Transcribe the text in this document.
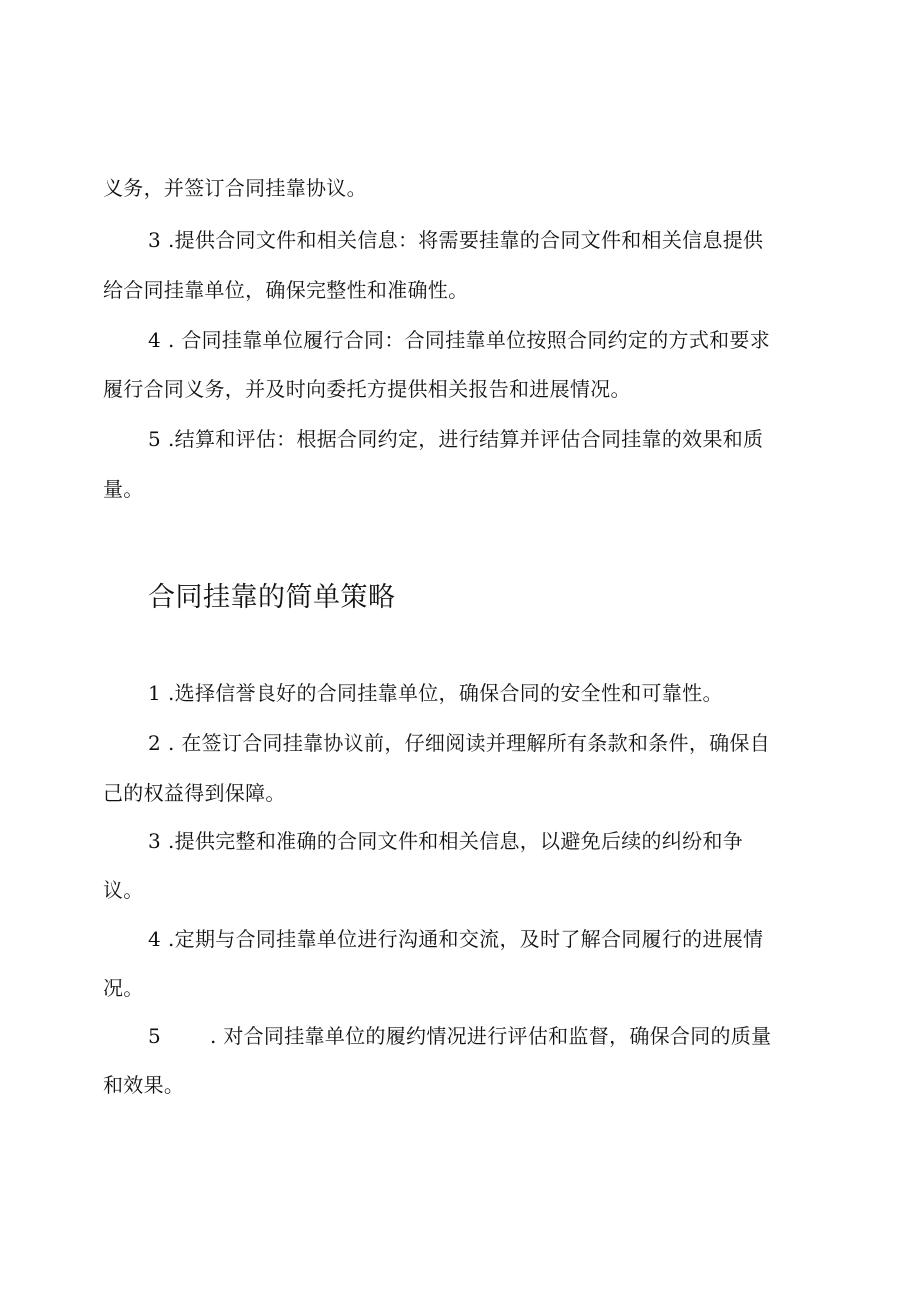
义务，并签订合同挂靠协议。
3 .提供合同文件和相关信息：将需要挂靠的合同文件和相关信息提供
给合同挂靠单位，确保完整性和准确性。
4 . 合同挂靠单位履行合同：合同挂靠单位按照合同约定的方式和要求
履行合同义务，并及时向委托方提供相关报告和进展情况。
5 .结算和评估：根据合同约定，进行结算并评估合同挂靠的效果和质
量。
合同挂靠的简单策略
1 .选择信誉良好的合同挂靠单位，确保合同的安全性和可靠性。
2 . 在签订合同挂靠协议前，仔细阅读并理解所有条款和条件，确保自
己的权益得到保障。
3 .提供完整和准确的合同文件和相关信息，以避免后续的纠纷和争
议。
4 .定期与合同挂靠单位进行沟通和交流，及时了解合同履行的进展情
况。
5 . 对合同挂靠单位的履约情况进行评估和监督，确保合同的质量
和效果。
